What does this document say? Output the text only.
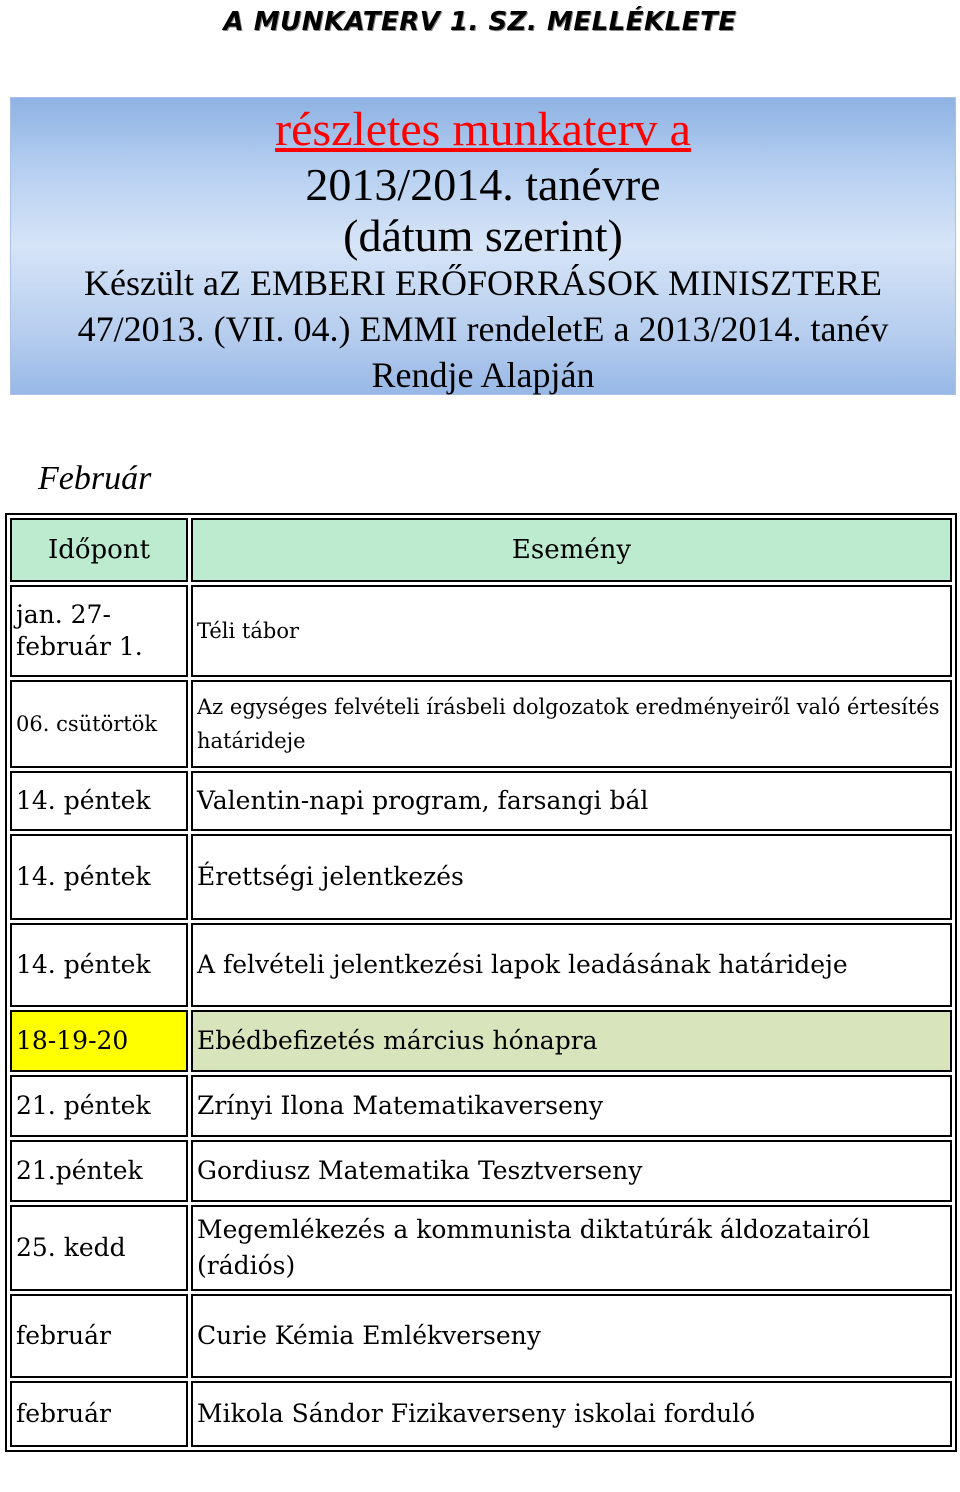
A MUNKATERV 1. SZ. MELLÉKLETE
részletes munkaterv a
2013/2014. tanévre
(dátum szerint)
Készült aZ EMBERI ERŐFORRÁSOK MINISZTERE
47/2013. (VII. 04.) EMMI rendeletE a 2013/2014. tanév
Rendje Alapján
Február
Időpont	Esemény
jan. 27- február 1.	Téli tábor
06. csütörtök	Az egységes felvételi írásbeli dolgozatok eredményeiről való értesítés határideje
14. péntek	Valentin-napi program, farsangi bál
14. péntek	Érettségi jelentkezés
14. péntek	A felvételi jelentkezési lapok leadásának határideje
18-19-20	Ebédbefizetés március hónapra
21. péntek	Zrínyi Ilona Matematikaverseny
21.péntek	Gordiusz Matematika Tesztverseny
25. kedd	Megemlékezés a kommunista diktatúrák áldozatairól (rádiós)
február	Curie Kémia Emlékverseny
február	Mikola Sándor Fizikaverseny iskolai forduló
